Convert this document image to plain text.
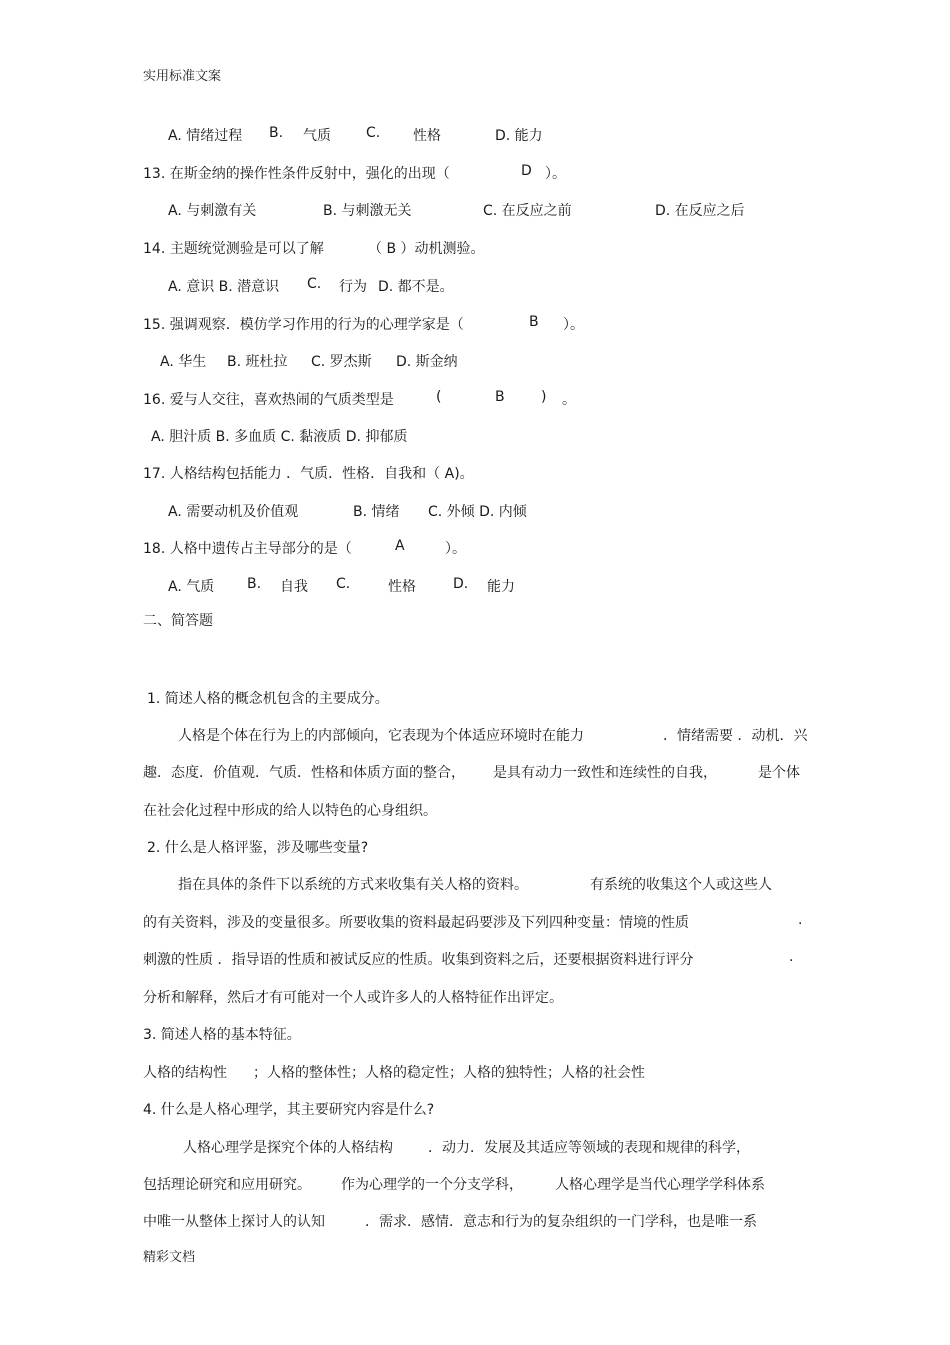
实用标准文案
A. 情绪过程 B. 气质	C. 性格	D. 能力
13. 在斯金纳的操作性条件反射中，强化的出现（	D ）。
A. 与刺激有关	B. 与刺激无关	C. 在反应之前	D. 在反应之后
14. 主题统觉测验是可以了解	（ B ）动机测验。
A. 意识 B. 潜意识 C. 行为 D. 都不是。
15. 强调观察．模仿学习作用的行为的心理学家是（	B ）。
A. 华生 B. 班杜拉 C. 罗杰斯 D. 斯金纳
16. 爱与人交往，喜欢热闹的气质类型是	(	B	) 。
A. 胆汁质 B. 多血质 C. 黏液质 D. 抑郁质
17. 人格结构包括能力 ．气质．性格．自我和（ A)。
A. 需要动机及价值观	B. 情绪 C. 外倾 D. 内倾
18. 人格中遗传占主导部分的是（	A	）。
A. 气质 B. 自我 C.	性格	D. 能力
二、简答题
1. 简述人格的概念机包含的主要成分。
人格是个体在行为上的内部倾向，它表现为个体适应环境时在能力	．情绪需要 ．动机．兴
趣．态度．价值观．气质．性格和体质方面的整合， 是具有动力一致性和连续性的自我，	是个体
在社会化过程中形成的给人以特色的心身组织。
2. 什么是人格评鉴，涉及哪些变量?
指在具体的条件下以系统的方式来收集有关人格的资料。	有系统的收集这个人或这些人
的有关资料，涉及的变量很多。所要收集的资料最起码要涉及下列四种变量：情境的性质	.
刺激的性质 ．指导语的性质和被试反应的性质。收集到资料之后，还要根据资料进行评分	.
分析和解释，然后才有可能对一个人或许多人的人格特征作出评定。
3. 简述人格的基本特征。
人格的结构性 ；人格的整体性；人格的稳定性；人格的独特性；人格的社会性
4. 什么是人格心理学，其主要研究内容是什么?
人格心理学是探究个体的人格结构	．动力．发展及其适应等领域的表现和规律的科学，
包括理论研究和应用研究。 作为心理学的一个分支学科， 人格心理学是当代心理学学科体系
中唯一从整体上探讨人的认知	．需求．感情．意志和行为的复杂组织的一门学科，也是唯一系
精彩文档
